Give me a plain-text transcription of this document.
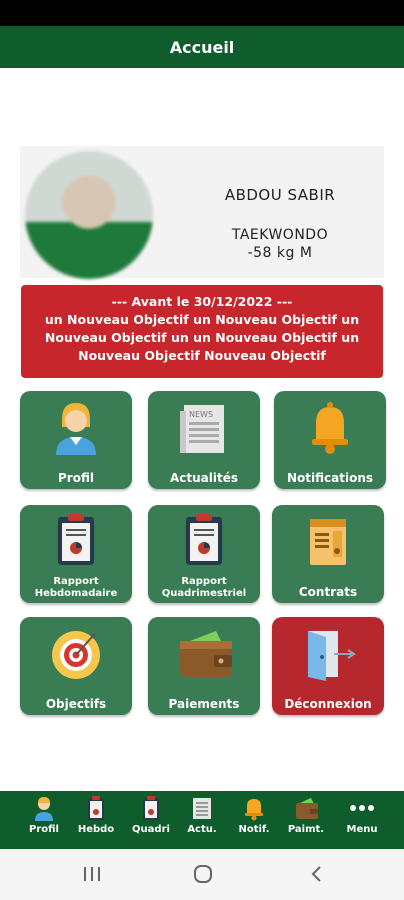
Accueil
ABDOU SABIR
TAEKWONDO
-58 kg M
--- Avant le 30/12/2022 ---
un Nouveau Objectif un Nouveau Objectif un
Nouveau Objectif un un Nouveau Objectif un
Nouveau Objectif Nouveau Objectif
Profil
NEWS
Actualités	Notifications
Rapport
Hebdomadaire
Rapport
Quadrimestriel	Contrats
Objectifs	Paiements	Déconnexion
Profil	Hebdo	Quadri	Actu.	Notif.	Paimt.	Menu
